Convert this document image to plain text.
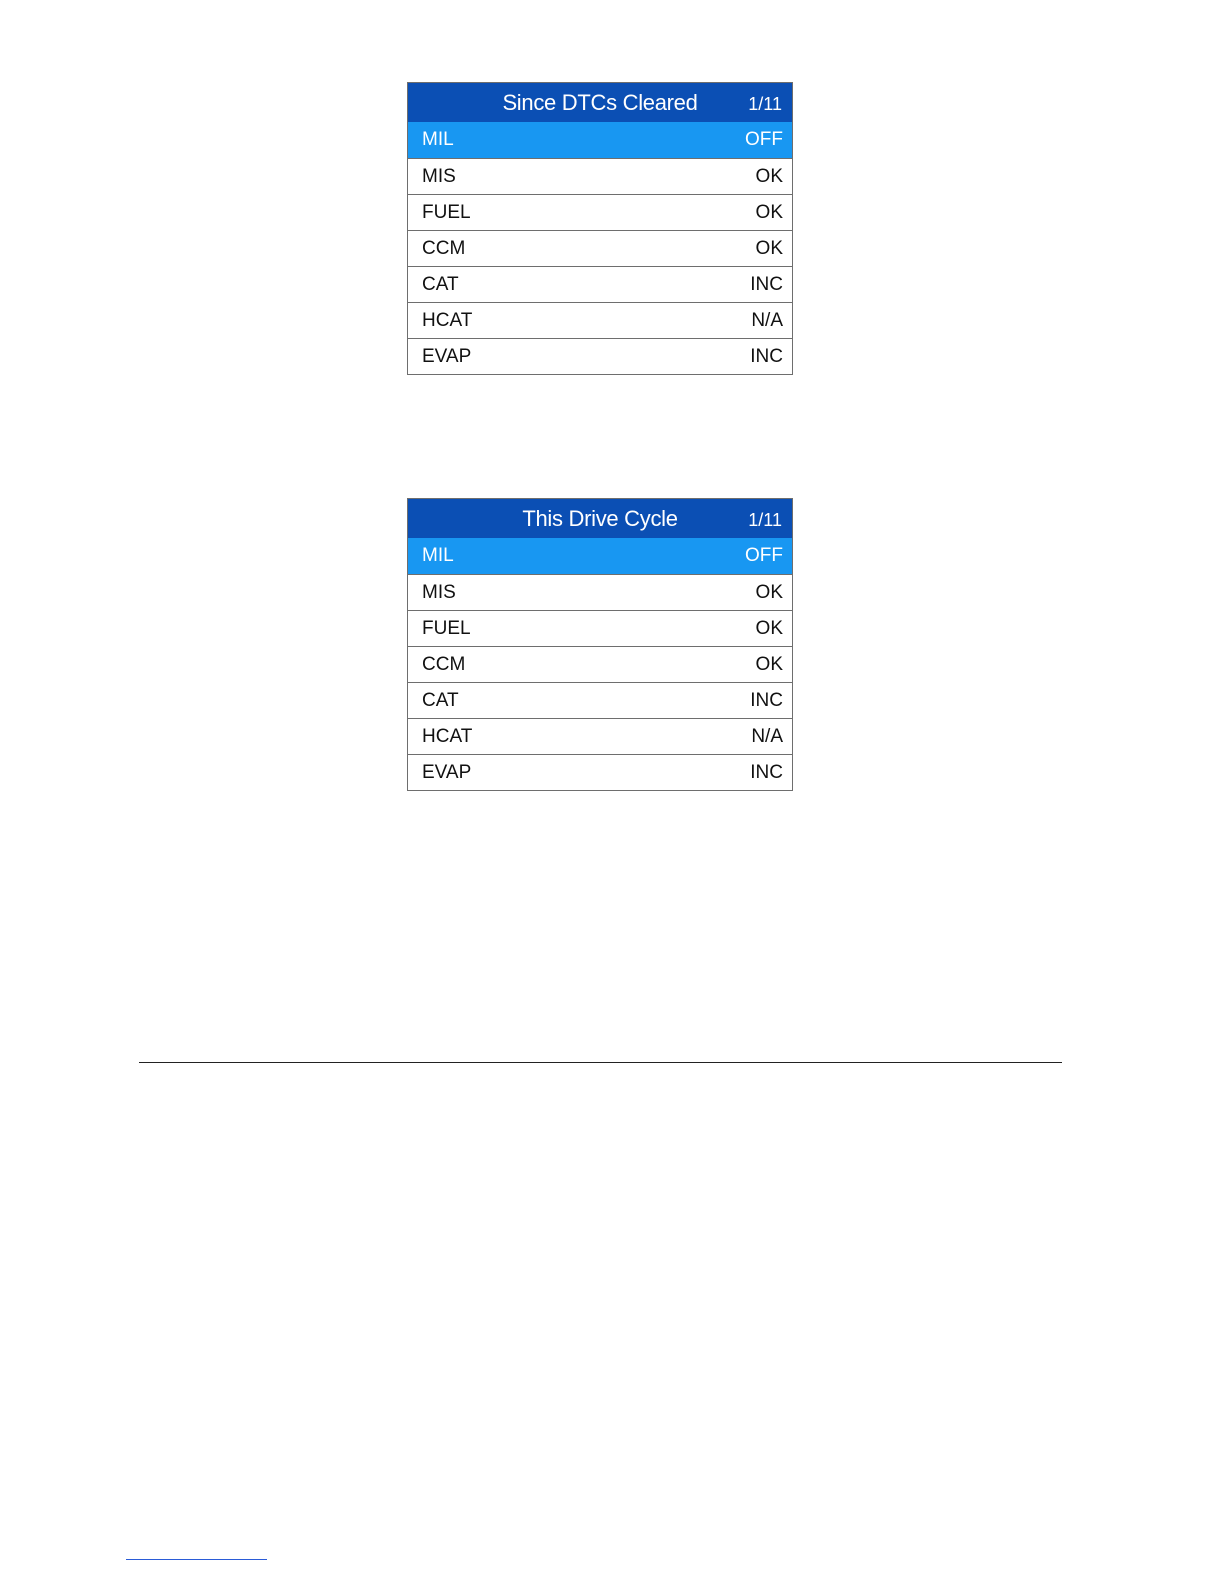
Since DTCs Cleared	1/11
MIL	OFF
MIS	OK
FUEL	OK
CCM	OK
CAT	INC
HCAT	N/A
EVAP	INC
This Drive Cycle	1/11
MIL	OFF
MIS	OK
FUEL	OK
CCM	OK
CAT	INC
HCAT	N/A
EVAP	INC
